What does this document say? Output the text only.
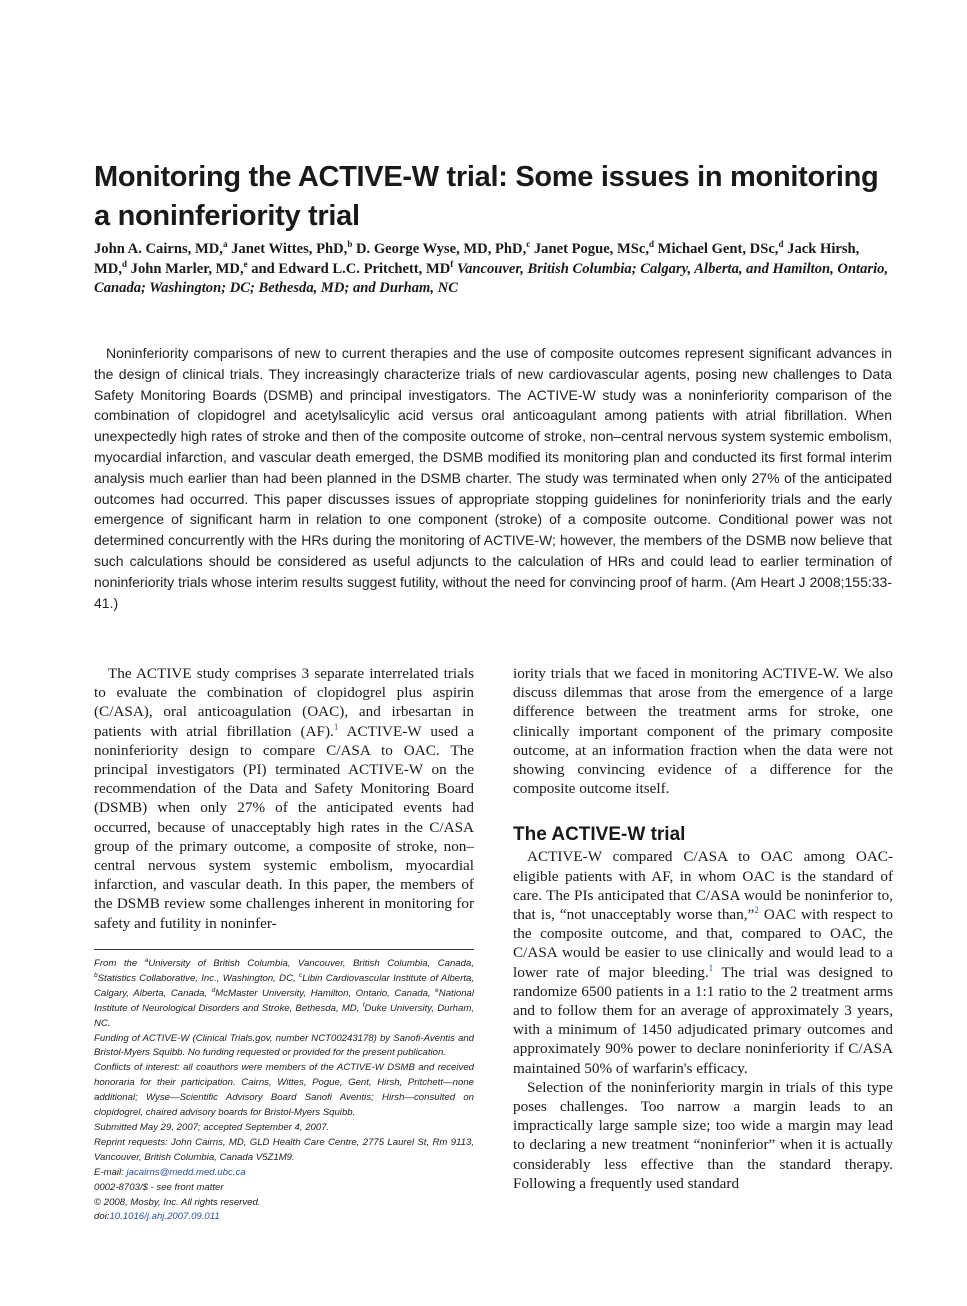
Monitoring the ACTIVE-W trial: Some issues in monitoring a noninferiority trial
John A. Cairns, MD,$^a$ Janet Wittes, PhD,$^b$ D. George Wyse, MD, PhD,$^c$ Janet Pogue, MSc,$^d$ Michael Gent, DSc,$^d$ Jack Hirsh, MD,$^d$ John Marler, MD,$^e$ and Edward L.C. Pritchett, $MD^f$ Vancouver, British Columbia; Calgary, Alberta, and Hamilton, Ontario, Canada; Washington; DC; Bethesda, MD; and Durham, NC
Noninferiority comparisons of new to current therapies and the use of composite outcomes represent significant advances in the design of clinical trials. They increasingly characterize trials of new cardiovascular agents, posing new challenges to Data Safety Monitoring Boards (DSMB) and principal investigators. The ACTIVE-W study was a noninferiority comparison of the combination of clopidogrel and acetylsalicylic acid versus oral anticoagulant among patients with atrial fibrillation. When unexpectedly high rates of stroke and then of the composite outcome of stroke, non–central nervous system systemic embolism, myocardial infarction, and vascular death emerged, the DSMB modified its monitoring plan and conducted its first formal interim analysis much earlier than had been planned in the DSMB charter. The study was terminated when only 27% of the anticipated outcomes had occurred. This paper discusses issues of appropriate stopping guidelines for noninferiority trials and the early emergence of significant harm in relation to one component (stroke) of a composite outcome. Conditional power was not determined concurrently with the HRs during the monitoring of ACTIVE-W; however, the members of the DSMB now believe that such calculations should be considered as useful adjuncts to the calculation of HRs and could lead to earlier termination of noninferiority trials whose interim results suggest futility, without the need for convincing proof of harm. (Am Heart J 2008;155:33-41.)

The ACTIVE study comprises 3 separate interrelated trials to evaluate the combination of clopidogrel plus aspirin (C/ASA), oral anticoagulation (OAC), and irbesartan in patients with atrial fibrillation (AF).$^1$ ACTIVE-W used a noninferiority design to compare C/ASA to OAC. The principal investigators (PI) terminated ACTIVE-W on the recommendation of the Data and Safety Monitoring Board (DSMB) when only 27% of the anticipated events had occurred, because of unacceptably high rates in the C/ASA group of the primary outcome, a composite of stroke, non–central nervous system systemic embolism, myocardial infarction, and vascular death. In this paper, the members of the DSMB review some challenges inherent in monitoring for safety and futility in noninfer-

iority trials that we faced in monitoring ACTIVE-W. We also discuss dilemmas that arose from the emergence of a large difference between the treatment arms for stroke, one clinically important component of the primary composite outcome, at an information fraction when the data were not showing convincing evidence of a difference for the composite outcome itself.

The ACTIVE-W trial

ACTIVE-W compared C/ASA to OAC among OAC-eligible patients with AF, in whom OAC is the standard of care. The PIs anticipated that C/ASA would be noninferior to, that is, “not unacceptably worse than,”$^2$ OAC with respect to the composite outcome, and that, compared to OAC, the C/ASA would be easier to use clinically and would lead to a lower rate of major bleeding.$^1$ The trial was designed to randomize 6500 patients in a 1:1 ratio to the 2 treatment arms and to follow them for an average of approximately 3 years, with a minimum of 1450 adjudicated primary outcomes and approximately 90% power to declare noninferiority if C/ASA maintained 50% of warfarin's efficacy.

Selection of the noninferiority margin in trials of this type poses challenges. Too narrow a margin leads to an impractically large sample size; too wide a margin may lead to declaring a new treatment “noninferior” when it is actually considerably less effective than the standard therapy. Following a frequently used standard

From the $^a$University of British Columbia, Vancouver, British Columbia, Canada, $^b$Statistics Collaborative, Inc., Washington, DC, $^c$Libin Cardiovascular Institute of Alberta, Calgary, Alberta, Canada, $^d$McMaster University, Hamilton, Ontario, Canada, $^e$National Institute of Neurological Disorders and Stroke, Bethesda, MD, $^f$Duke University, Durham, NC.

Funding of ACTIVE-W (Clinical Trials.gov, number NCT00243178) by Sanofi-Aventis and Bristol-Myers Squibb. No funding requested or provided for the present publication.

Conflicts of interest: all coauthors were members of the ACTIVE-W DSMB and received honoraria for their participation. Cairns, Wittes, Pogue, Gent, Hirsh, Pritchett—none additional; Wyse—Scientific Advisory Board Sanofi Aventis; Hirsh—consulted on clopidogrel, chaired advisory boards for Bristol-Myers Squibb.

Submitted May 29, 2007; accepted September 4, 2007.

Reprint requests: John Cairns, MD, GLD Health Care Centre, 2775 Laurel St, Rm 9113, Vancouver, British Columbia, Canada V5Z1M9.

E-mail: jacairns@medd.med.ubc.ca

0002-8703/$ - see front matter

© 2008, Mosby, Inc. All rights reserved.

doi:10.1016/j.ahj.2007.09.011
